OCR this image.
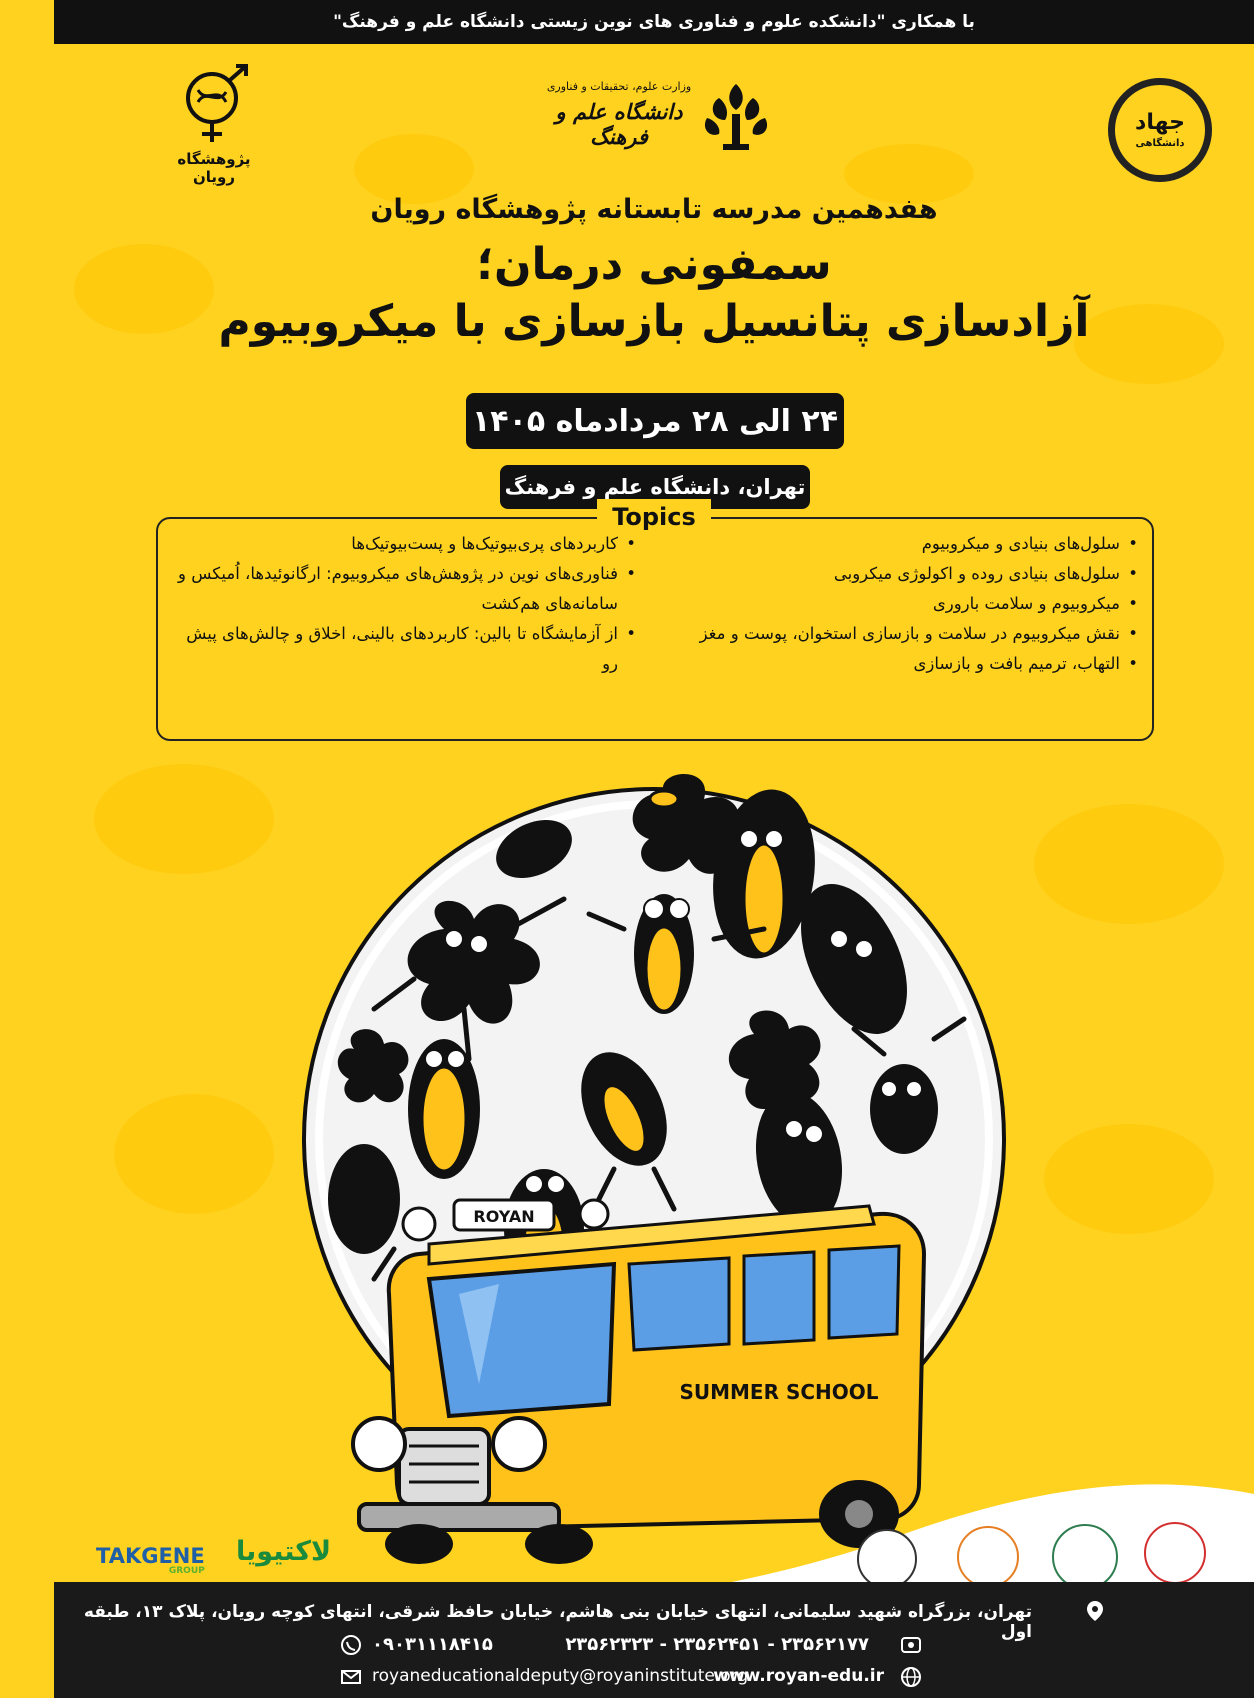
با همکاری "دانشکده علوم و فناوری های نوین زیستی دانشگاه علم و فرهنگ"
پژوهشگاه رویان
وزارت علوم، تحقیقات و فناوری
دانشگاه علم و فرهنگ
جهاد
دانشگاهی
هفدهمین مدرسه تابستانه پژوهشگاه رویان
سمفونی درمان؛
آزادسازی پتانسیل بازسازی با میکروبیوم
۲۴ الی ۲۸ مردادماه ۱۴۰۵
تهران، دانشگاه علم و فرهنگ
Topics
• سلول‌های بنیادی و میکروبیوم
• سلول‌های بنیادی روده و اکولوژی میکروبی
• میکروبیوم و سلامت باروری
• نقش میکروبیوم در سلامت و بازسازی استخوان، پوست و مغز
• التهاب، ترمیم بافت و بازسازی
• کاربردهای پری‌بیوتیک‌ها و پست‌بیوتیک‌ها
• فناوری‌های نوین در پژوهش‌های میکروبیوم: ارگانوئیدها، اُمیکس و سامانه‌های هم‌کشت
• از آزمایشگاه تا بالین: کاربردهای بالینی، اخلاق و چالش‌های پیش رو
ROYAN
SUMMER SCHOOL
TAKGENE
GROUP
لاکتیویا
تهران، بزرگراه شهید سلیمانی، انتهای خیابان بنی هاشم، خیابان حافظ شرقی، انتهای کوچه رویان، پلاک ۱۳، طبقه اول
۲۳۵۶۲۳۲۳ - ۲۳۵۶۲۴۵۱ - ۲۳۵۶۲۱۷۷
۰۹۰۳۱۱۱۸۴۱۵
royaneducationaldeputy@royaninstitute.org
www.royan-edu.ir
